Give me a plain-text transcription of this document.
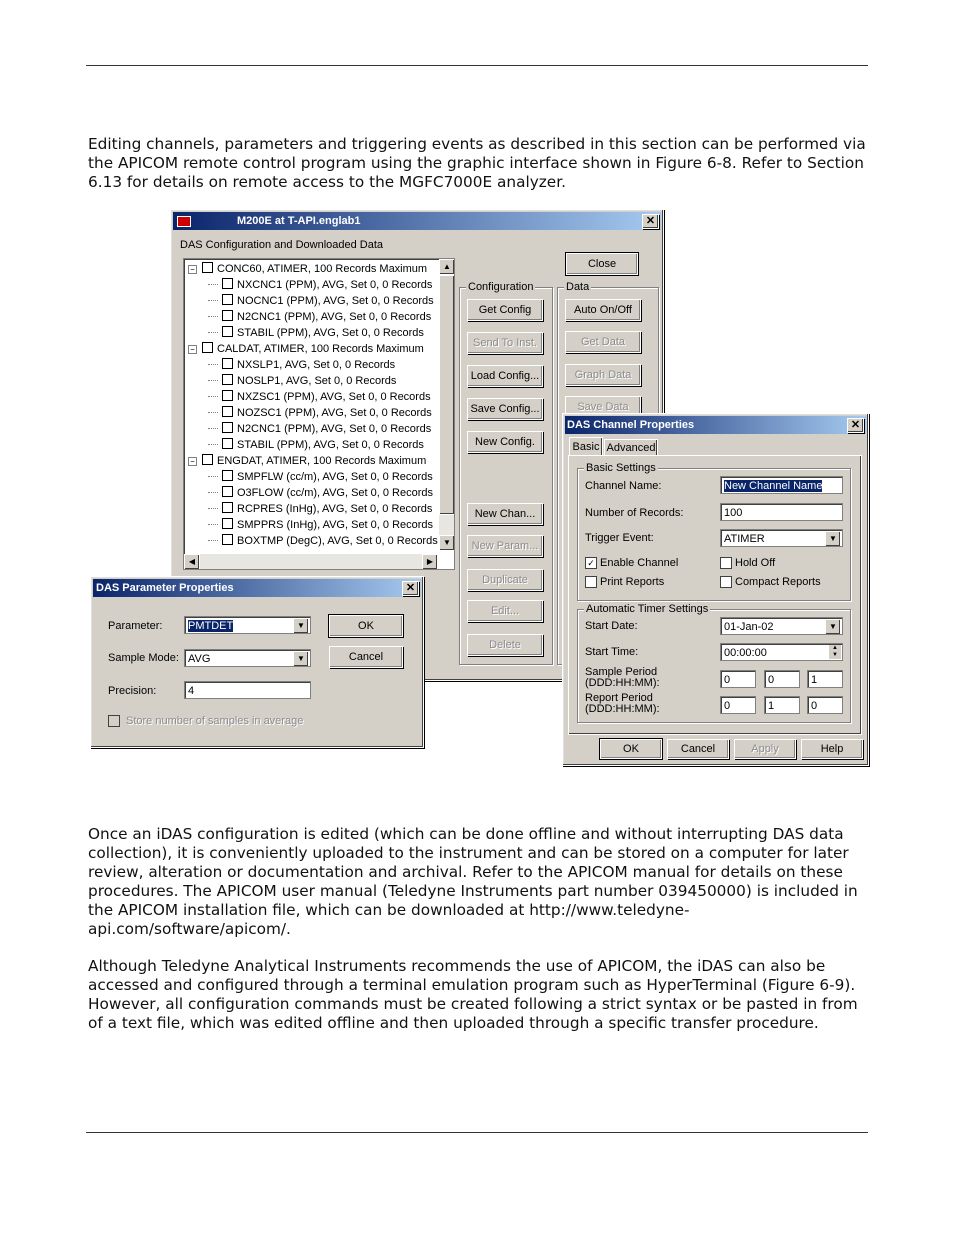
Editing channels, parameters and triggering events as described in this section can be performed via the APICOM remote control program using the graphic interface shown in Figure 6-8. Refer to Section 6.13 for details on remote access to the MGFC7000E analyzer.

M200E at T-API.englab1	✕
DAS Configuration and Downloaded Data
− CONC60, ATIMER, 100 Records Maximum
NXCNC1 (PPM), AVG, Set 0, 0 Records
NOCNC1 (PPM), AVG, Set 0, 0 Records
N2CNC1 (PPM), AVG, Set 0, 0 Records
STABIL (PPM), AVG, Set 0, 0 Records
− CALDAT, ATIMER, 100 Records Maximum
NXSLP1, AVG, Set 0, 0 Records
NOSLP1, AVG, Set 0, 0 Records
NXZSC1 (PPM), AVG, Set 0, 0 Records
NOZSC1 (PPM), AVG, Set 0, 0 Records
N2CNC1 (PPM), AVG, Set 0, 0 Records
STABIL (PPM), AVG, Set 0, 0 Records
− ENGDAT, ATIMER, 100 Records Maximum
SMPFLW (cc/m), AVG, Set 0, 0 Records
O3FLOW (cc/m), AVG, Set 0, 0 Records
RCPRES (InHg), AVG, Set 0, 0 Records
SMPPRS (InHg), AVG, Set 0, 0 Records
BOXTMP (DegC), AVG, Set 0, 0 Records
▲
▼
◀	▶
Close
Configuration	Data
Get Config
Send To Inst.
Load Config...
Save Config...
New Config.
New Chan...
New Param...
Duplicate
Edit...
Delete
Auto On/Off
Get Data
Graph Data
Save Data
DAS Parameter Properties	✕
Parameter:	PMTDET	▼
Sample Mode: AVG	▼
Precision:	4
Store number of samples in average
OK
Cancel
DAS Channel Properties	✕
Basic Advanced
Basic Settings
Channel Name:	New Channel Name
Number of Records:	100
Trigger Event:	ATIMER	▼
✓ Enable Channel	Hold Off
Print Reports	Compact Reports
Automatic Timer Settings
Start Date:	01-Jan-02	▼
Start Time:	00:00:00	▲
▼
Sample Period
(DDD:HH:MM):	0	0	1
Report Period
(DDD:HH:MM):	0	1	0
OK	Cancel	Apply	Help

Once an iDAS configuration is edited (which can be done offline and without interrupting DAS data collection), it is conveniently uploaded to the instrument and can be stored on a computer for later review, alteration or documentation and archival. Refer to the APICOM manual for details on these procedures. The APICOM user manual (Teledyne Instruments part number 039450000) is included in the APICOM installation file, which can be downloaded at http://www.teledyne-api.com/software/apicom/.

Although Teledyne Analytical Instruments recommends the use of APICOM, the iDAS can also be accessed and configured through a terminal emulation program such as HyperTerminal (Figure 6-9). However, all configuration commands must be created following a strict syntax or be pasted in from of a text file, which was edited offline and then uploaded through a specific transfer procedure.
